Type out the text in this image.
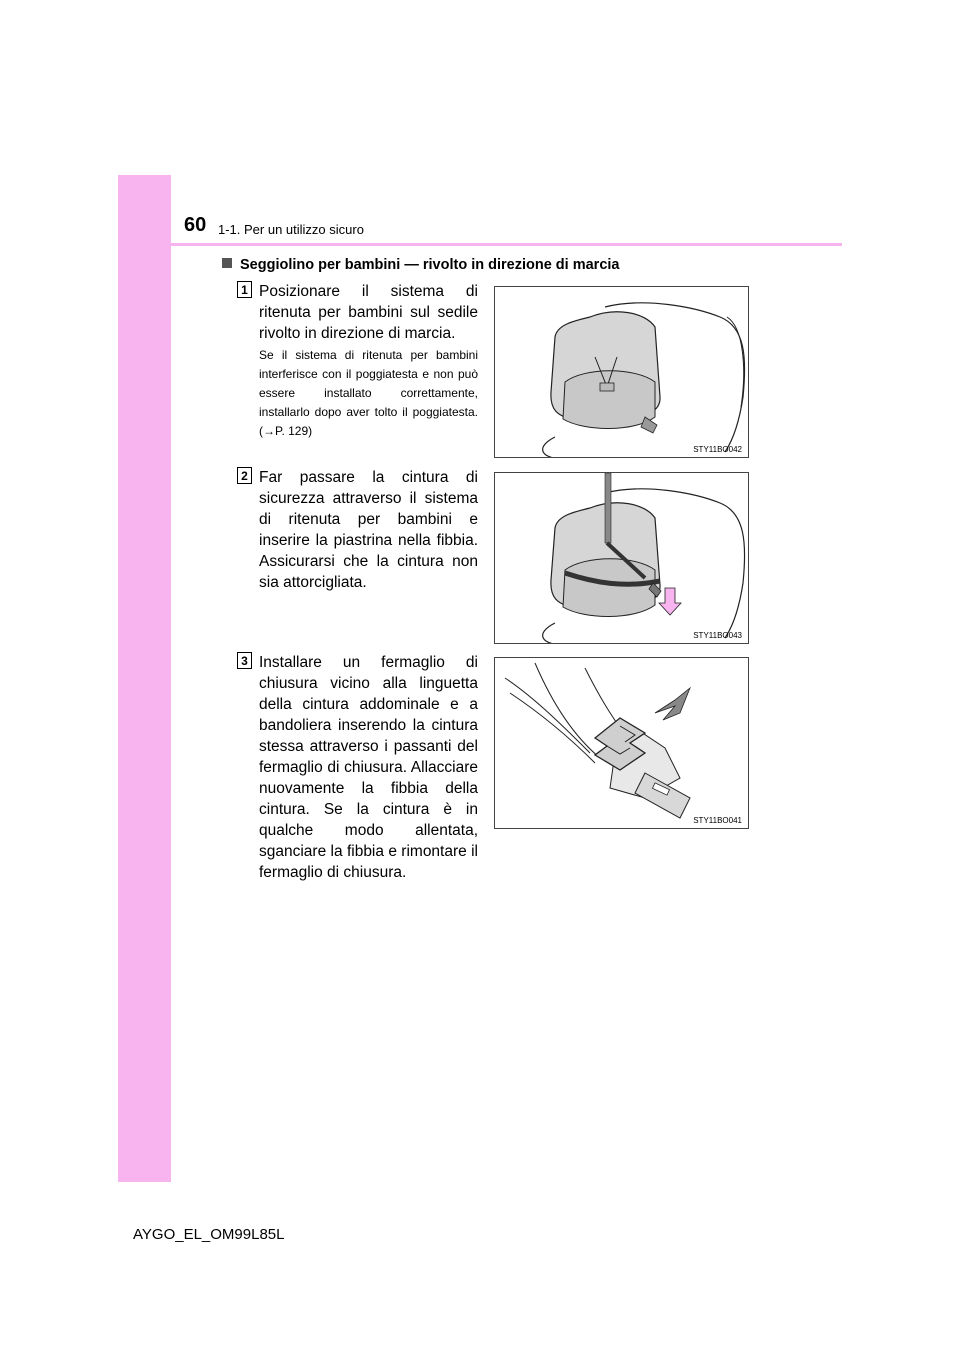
60 1-1. Per un utilizzo sicuro
Seggiolino per bambini — rivolto in direzione di marcia
1 Posizionare il sistema di ritenuta per bambini sul sedile rivolto in direzione di marcia.
Se il sistema di ritenuta per bambini interferisce con il poggiatesta e non può essere installato correttamente, installarlo dopo aver tolto il poggiatesta. (→P. 129)
STY11BO042
2 Far passare la cintura di sicurezza attraverso il sistema di ritenuta per bambini e inserire la piastrina nella fibbia. Assicurarsi che la cintura non sia attorcigliata.
STY11BO043
3 Installare un fermaglio di chiusura vicino alla linguetta della cintura addominale e a bandoliera inserendo la cintura stessa attraverso i passanti del fermaglio di chiusura. Allacciare nuovamente la fibbia della cintura. Se la cintura è in qualche modo allentata, sganciare la fibbia e rimontare il fermaglio di chiusura.
STY11BO041
AYGO_EL_OM99L85L
